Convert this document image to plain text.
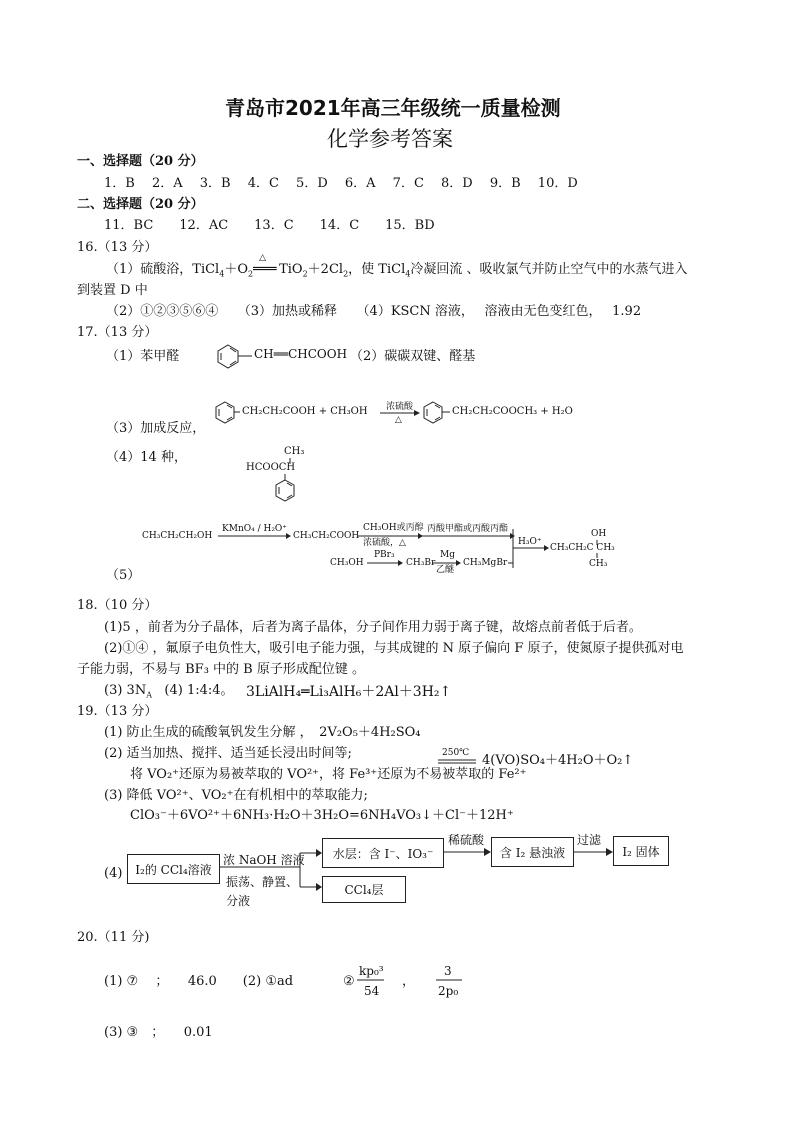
青岛市2021年高三年级统一质量检测
化学参考答案
一、选择题（20 分）
1．B　 2．A　 3．B　 4．C　 5．D　 6．A　 7．C　 8．D　 9．B　 10．D
二、选择题（20 分）
11．BC　　12．AC　　13．C　　14．C　　15．BD
16.（13 分）
（1）硫酸浴，$TiCl_4+O_2$
△
═══ $TiO_2+2Cl_2$，使 TiCl$_4$冷凝回流 、吸收氯气并防止空气中的水蒸气进入
到装置 D 中
（2）①②③⑤⑥④　　（3）加热或稀释　　（4）KSCN 溶液，　 溶液由无色变红色，　 1.92
17.（13 分）
（1）苯甲醛	CH══CHCOOH （2）碳碳双键、醛基
（3）加成反应，
CH₂CH₂COOH + CH₃OH 浓硫酸
△
CH₂CH₂COOCH₃ + H₂O
（4）14 种，	CH₃
HCOOCH
CH₃CH₂CH₂OH
KMnO₄ / H₂O⁺
CH₃CH₂COOH
CH₃OH或丙醇
浓硫酸，△
丙酸甲酯或丙酸丙酯
CH₃OH
PBr₃
CH₃Br
Mg
乙醚
CH₃MgBr
H₃O⁺
OH
CH₃CH₂C CH₃
CH₃
（5）
18.（10 分）
(1)5 ，前者为分子晶体，后者为离子晶体，分子间作用力弱于离子键，故熔点前者低于后者。
(2)①④ ，氟原子电负性大，吸引电子能力强，与其成键的 N 原子偏向 F 原子，使氮原子提供孤对电
子能力弱，不易与 BF₃ 中的 B 原子形成配位键 。
(3) $3N_A$ (4) 1:4:4。 3LiAlH₄═Li₃AlH₆＋2Al＋3H₂↑
19.（13 分）
(1) 防止生成的硫酸氧钒发生分解 ，　2V₂O₅＋4H₂SO₄
250℃ 4(VO)SO₄＋4H₂O＋O₂↑
(2) 适当加热、搅拌、适当延长浸出时间等;
将 VO₂⁺还原为易被萃取的 VO²⁺，将 Fe³⁺还原为不易被萃取的 Fe²⁺
(3) 降低 VO²⁺、VO₂⁺在有机相中的萃取能力;
ClO₃⁻＋6VO²⁺＋6NH₃·H₂O＋3H₂O=6NH₄VO₃↓＋Cl⁻＋12H⁺
(4)	I₂的 CCl₄溶液
浓 NaOH 溶液
振荡、静置、
分液
水层：含 I⁻、IO₃⁻
CCl₄层
稀硫酸
含 I₂ 悬浊液
过滤
I₂ 固体
20.（11 分)
(1) ⑦　 ；　　46.0　　(2) ①ad	②
kp₀³
54
，
3
2p₀
(3) ③　；　　0.01
